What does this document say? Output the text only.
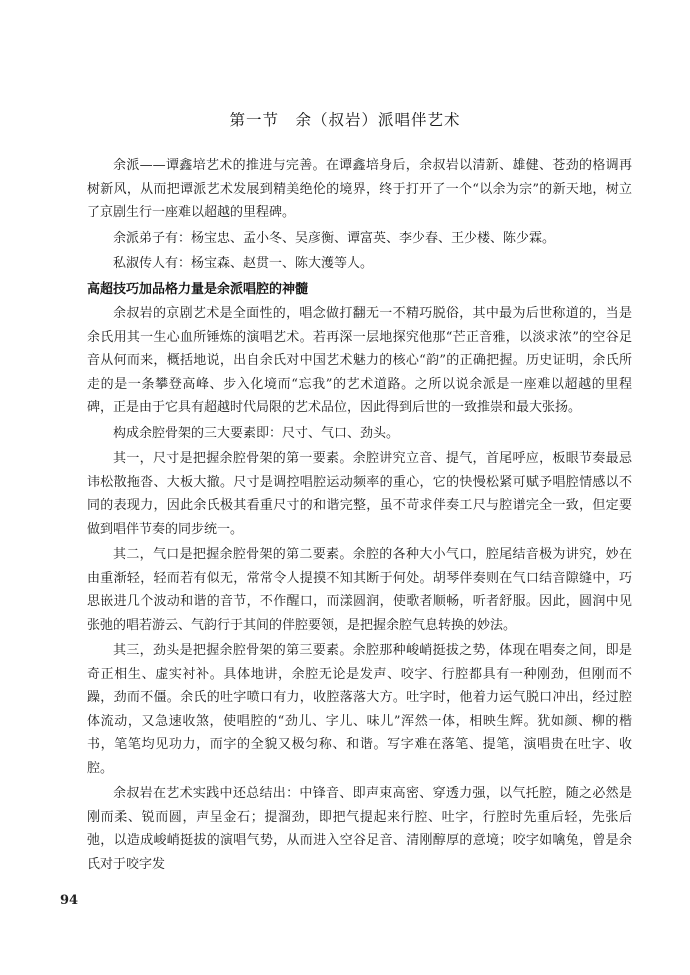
第一节　余（叔岩）派唱伴艺术

余派——谭鑫培艺术的推进与完善。在谭鑫培身后，余叔岩以清新、雄健、苍劲的格调再树新风，从而把谭派艺术发展到精美绝伦的境界，终于打开了一个“以余为宗”的新天地，树立了京剧生行一座难以超越的里程碑。

余派弟子有：杨宝忠、孟小冬、吴彦衡、谭富英、李少春、王少楼、陈少霖。

私淑传人有：杨宝森、赵贯一、陈大濩等人。

高超技巧加品格力量是余派唱腔的神髓

余叔岩的京剧艺术是全面性的，唱念做打翻无一不精巧脱俗，其中最为后世称道的，当是余氏用其一生心血所锤炼的演唱艺术。若再深一层地探究他那“芒正音雅，以淡求浓”的空谷足音从何而来，概括地说，出自余氏对中国艺术魅力的核心“韵”的正确把握。历史证明，余氏所走的是一条攀登高峰、步入化境而“忘我”的艺术道路。之所以说余派是一座难以超越的里程碑，正是由于它具有超越时代局限的艺术品位，因此得到后世的一致推崇和最大张扬。

构成余腔骨架的三大要素即：尺寸、气口、劲头。

其一，尺寸是把握余腔骨架的第一要素。余腔讲究立音、提气，首尾呼应，板眼节奏最忌讳松散拖沓、大板大撤。尺寸是调控唱腔运动频率的重心，它的快慢松紧可赋予唱腔情感以不同的表现力，因此余氏极其看重尺寸的和谐完整，虽不苛求伴奏工尺与腔谱完全一致，但定要做到唱伴节奏的同步统一。

其二，气口是把握余腔骨架的第二要素。余腔的各种大小气口，腔尾结音极为讲究，妙在由重渐轻，轻而若有似无，常常令人提摸不知其断于何处。胡琴伴奏则在气口结音隙缝中，巧思嵌进几个波动和谐的音节，不作醒口，而漾圆润，使歌者顺畅，听者舒服。因此，圆润中见张弛的唱若游云、气韵行于其间的伴腔要领，是把握余腔气息转换的妙法。

其三，劲头是把握余腔骨架的第三要素。余腔那种峻峭挺拔之势，体现在唱奏之间，即是奇正相生、虚实衬补。具体地讲，余腔无论是发声、咬字、行腔都具有一种刚劲，但刚而不躁，劲而不僵。余氏的吐字喷口有力，收腔落落大方。吐字时，他着力运气脱口冲出，经过腔体流动，又急速收煞，使唱腔的“劲儿、字儿、味儿”浑然一体，相映生辉。犹如颜、柳的楷书，笔笔均见功力，而字的全貌又极匀称、和谐。写字难在落笔、提笔，演唱贵在吐字、收腔。

余叔岩在艺术实践中还总结出：中锋音、即声束高密、穿透力强，以气托腔，随之必然是刚而柔、锐而圆，声呈金石；提溜劲，即把气提起来行腔、吐字，行腔时先重后轻，先张后弛，以造成峻峭挺拔的演唱气势，从而进入空谷足音、清刚醇厚的意境；咬字如噙兔，曾是余氏对于咬字发

94
